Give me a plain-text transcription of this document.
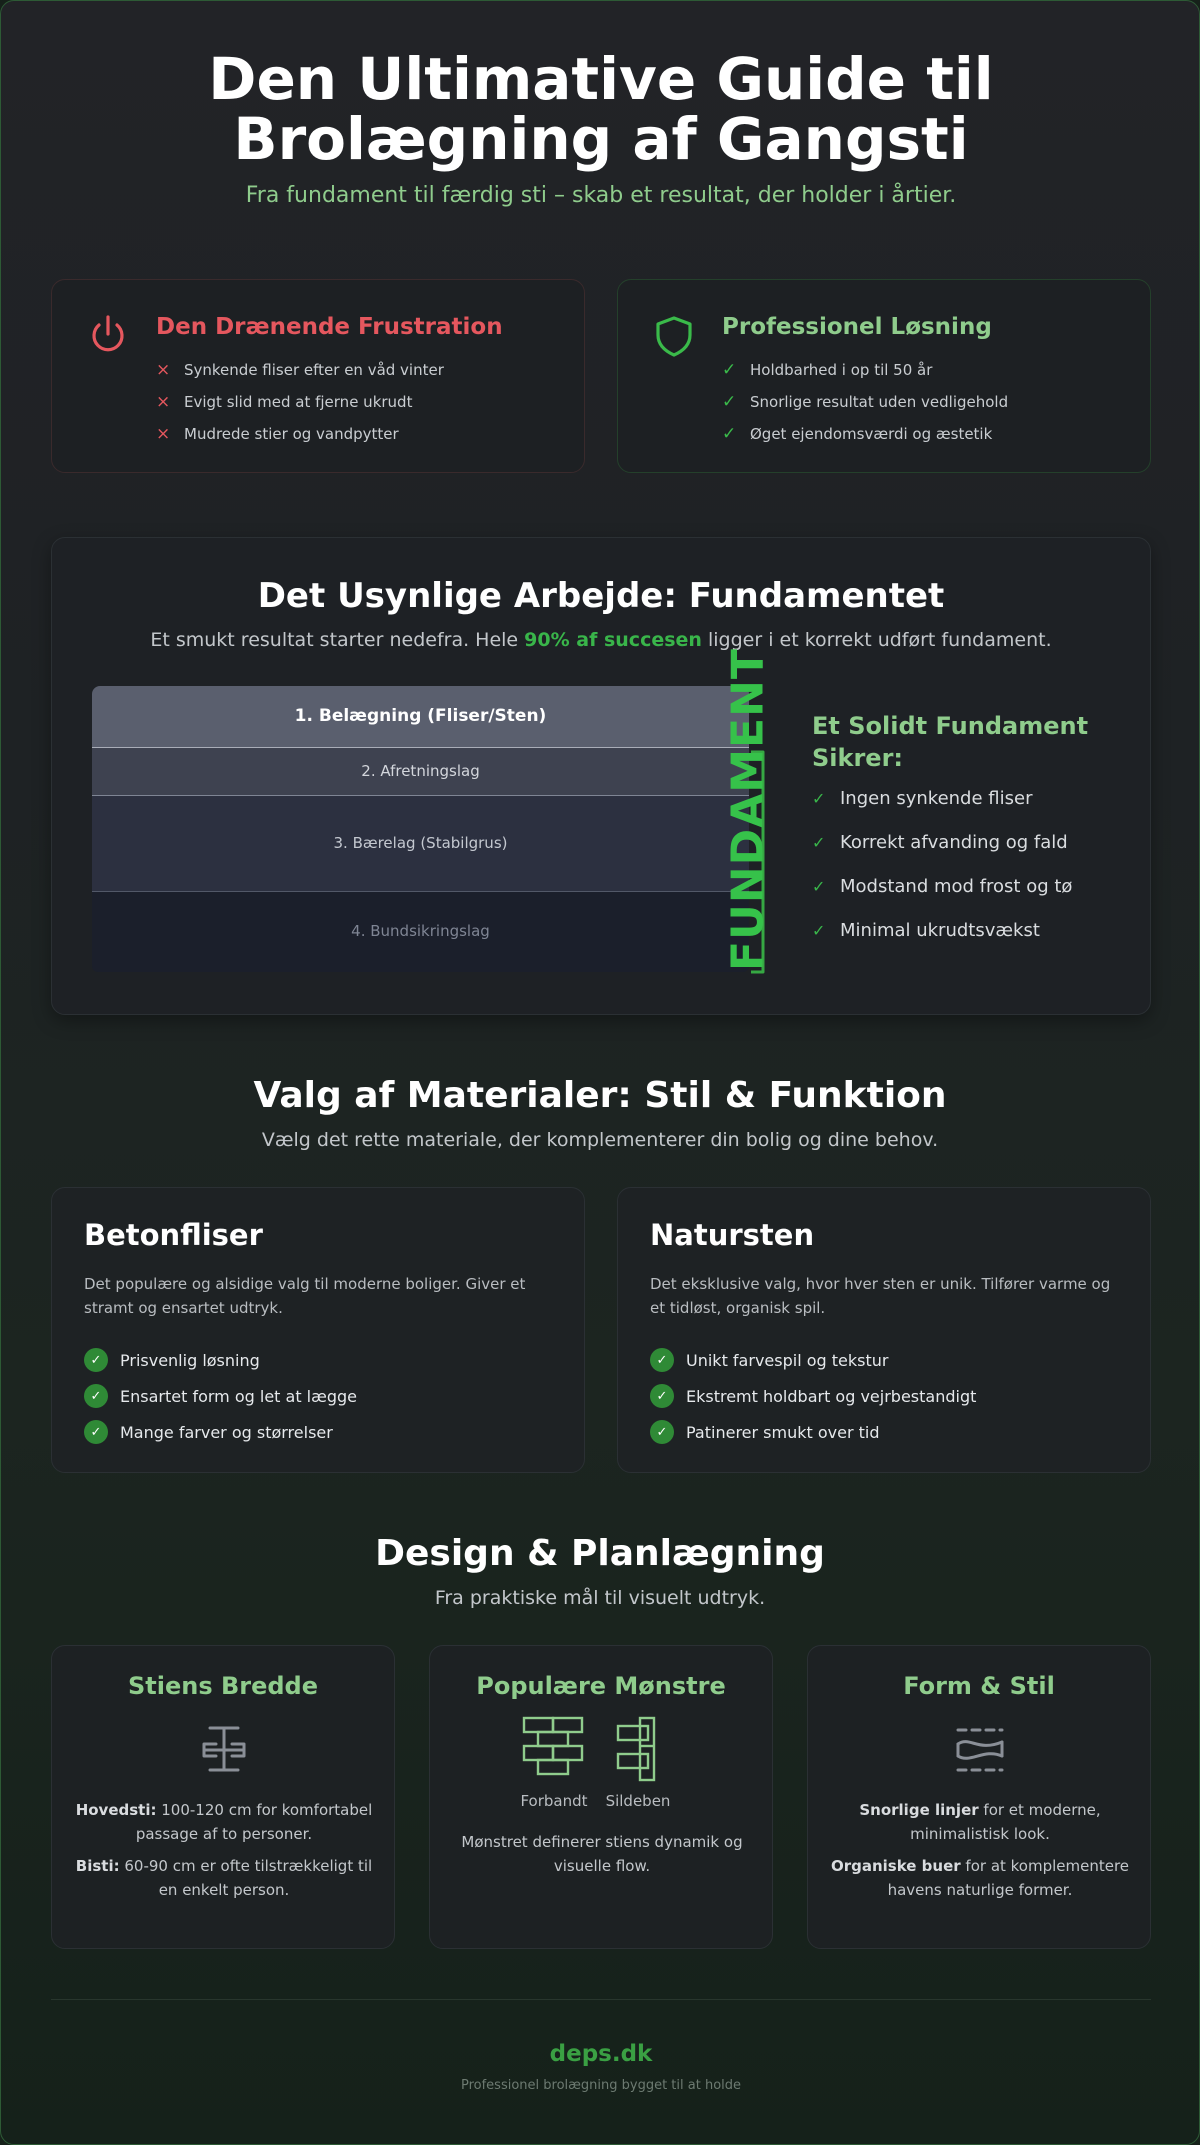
Den Ultimative Guide til
Brolægning af Gangsti
Fra fundament til færdig sti – skab et resultat, der holder i årtier.
Den Drænende Frustration
× Synkende fliser efter en våd vinter
× Evigt slid med at fjerne ukrudt
× Mudrede stier og vandpytter
Professionel Løsning
✓ Holdbarhed i op til 50 år
✓ Snorlige resultat uden vedligehold
✓ Øget ejendomsværdi og æstetik
Det Usynlige Arbejde: Fundamentet
Et smukt resultat starter nedefra. Hele 90% af succesen ligger i et korrekt udført fundament.
1. Belægning (Fliser/Sten)
2. Afretningslag
3. Bærelag (Stabilgrus)
4. Bundsikringslag	FUNDAMENT Et Solidt Fundament Sikrer:
✓ Ingen synkende fliser
✓ Korrekt afvanding og fald
✓ Modstand mod frost og tø
✓ Minimal ukrudtsvækst
Valg af Materialer: Stil & Funktion
Vælg det rette materiale, der komplementerer din bolig og dine behov.
Betonfliser
Det populære og alsidige valg til moderne boliger. Giver et stramt og ensartet udtryk.
✓	Prisvenlig løsning
✓	Ensartet form og let at lægge
✓	Mange farver og størrelser
Natursten
Det eksklusive valg, hvor hver sten er unik. Tilfører varme og et tidløst, organisk spil.
✓	Unikt farvespil og tekstur
✓	Ekstremt holdbart og vejrbestandigt
✓	Patinerer smukt over tid
Design & Planlægning
Fra praktiske mål til visuelt udtryk.
Stiens Bredde
Hovedsti: 100-120 cm for komfortabel passage af to personer.
Bisti: 60-90 cm er ofte tilstrækkeligt til en enkelt person.
Populære Mønstre
Forbandt	Sildeben
Mønstret definerer stiens dynamik og visuelle flow.
Form & Stil
Snorlige linjer for et moderne, minimalistisk look.
Organiske buer for at komplementere havens naturlige former.
deps.dk
Professionel brolægning bygget til at holde
